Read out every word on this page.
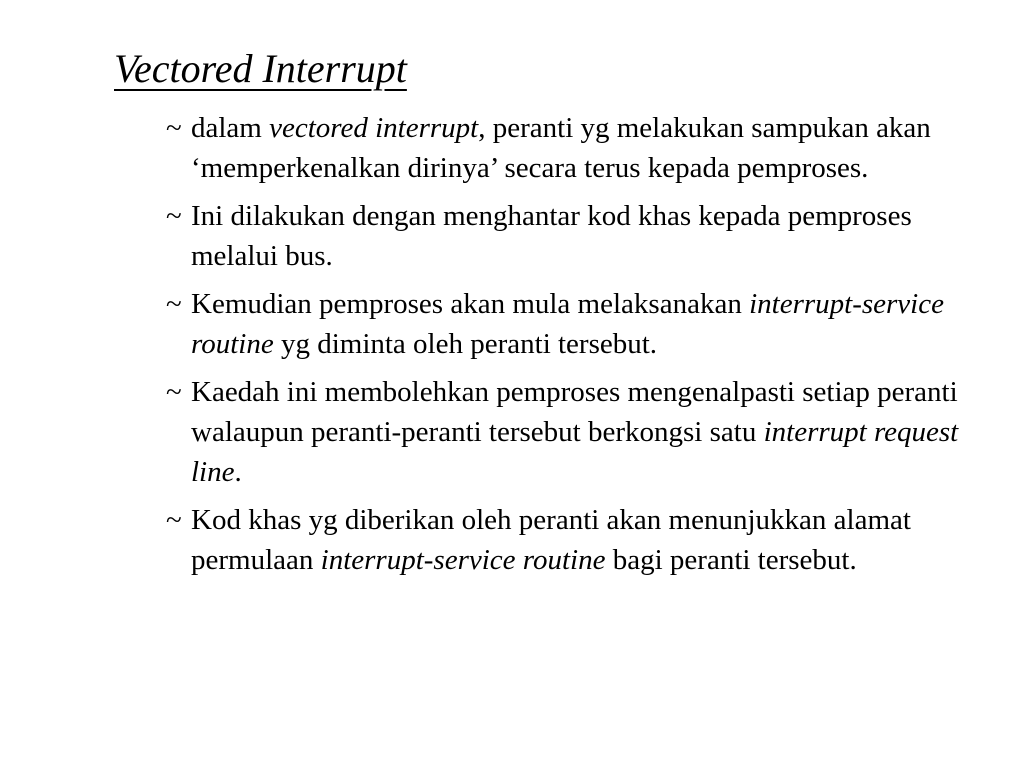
Vectored Interrupt
~ dalam vectored interrupt, peranti yg melakukan sampukan akan ‘memperkenalkan dirinya’ secara terus kepada pemproses.
~ Ini dilakukan dengan menghantar kod khas kepada pemproses melalui bus.
~ Kemudian pemproses akan mula melaksanakan interrupt-service routine yg diminta oleh peranti tersebut.
~ Kaedah ini membolehkan pemproses mengenalpasti setiap peranti walaupun peranti-peranti tersebut berkongsi satu interrupt request line.
~ Kod khas yg diberikan oleh peranti akan menunjukkan alamat permulaan interrupt-service routine bagi peranti tersebut.
